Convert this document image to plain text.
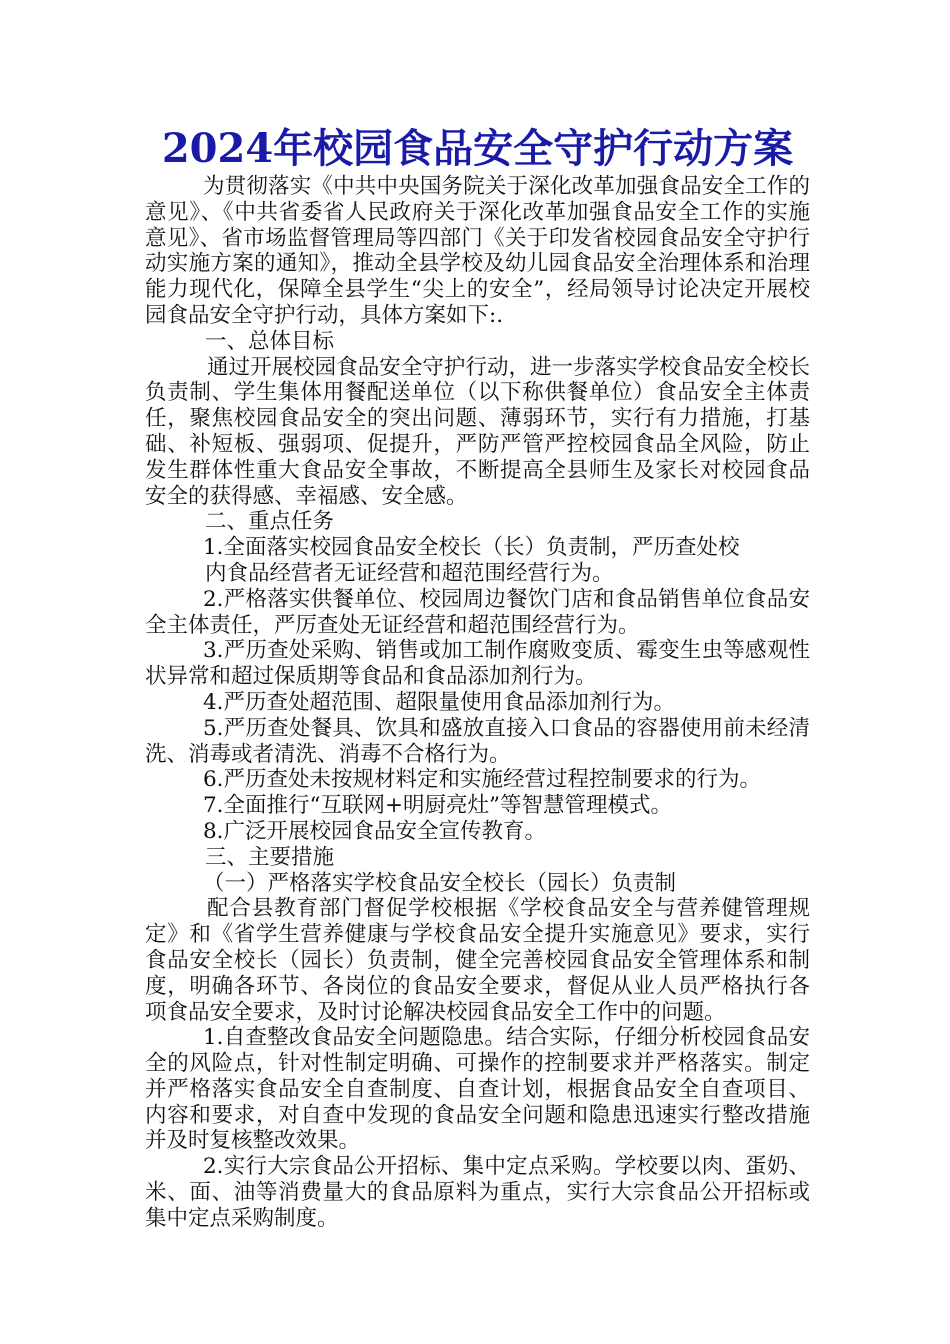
2024年校园食品安全守护行动方案

为贯彻落实《中共中央国务院关于深化改革加强食品安全工作的意见》、《中共省委省人民政府关于深化改革加强食品安全工作的实施意见》、省市场监督管理局等四部门《关于印发省校园食品安全守护行动实施方案的通知》，推动全县学校及幼儿园食品安全治理体系和治理能力现代化，保障全县学生“尖上的安全”，经局领导讨论决定开展校园食品安全守护行动，具体方案如下:.

一、总体目标

通过开展校园食品安全守护行动，进一步落实学校食品安全校长负责制、学生集体用餐配送单位（以下称供餐单位）食品安全主体责任，聚焦校园食品安全的突出问题、薄弱环节，实行有力措施，打基础、补短板、强弱项、促提升，严防严管严控校园食品全风险，防止发生群体性重大食品安全事故，不断提高全县师生及家长对校园食品安全的获得感、幸福感、安全感。

二、重点任务

1.全面落实校园食品安全校长（长）负责制，严历查处校

内食品经营者无证经营和超范围经营行为。

2.严格落实供餐单位、校园周边餐饮门店和食品销售单位食品安全主体责任，严厉查处无证经营和超范围经营行为。

3.严历查处采购、销售或加工制作腐败变质、霉变生虫等感观性状异常和超过保质期等食品和食品添加剂行为。

4.严历查处超范围、超限量使用食品添加剂行为。

5.严历查处餐具、饮具和盛放直接入口食品的容器使用前未经清洗、消毒或者清洗、消毒不合格行为。

6.严历查处未按规材料定和实施经营过程控制要求的行为。

7.全面推行“互联网+明厨亮灶”等智慧管理模式。

8.广泛开展校园食品安全宣传教育。

三、主要措施

（一）严格落实学校食品安全校长（园长）负责制

配合县教育部门督促学校根据《学校食品安全与营养健管理规定》和《省学生营养健康与学校食品安全提升实施意见》要求，实行食品安全校长（园长）负责制，健全完善校园食品安全管理体系和制度，明确各环节、各岗位的食品安全要求，督促从业人员严格执行各项食品安全要求，及时讨论解决校园食品安全工作中的问题。

1.自查整改食品安全问题隐患。结合实际，仔细分析校园食品安全的风险点，针对性制定明确、可操作的控制要求并严格落实。制定并严格落实食品安全自查制度、自查计划，根据食品安全自查项目、内容和要求，对自查中发现的食品安全问题和隐患迅速实行整改措施并及时复核整改效果。

2.实行大宗食品公开招标、集中定点采购。学校要以肉、蛋奶、米、面、油等消费量大的食品原料为重点，实行大宗食品公开招标或集中定点采购制度。
